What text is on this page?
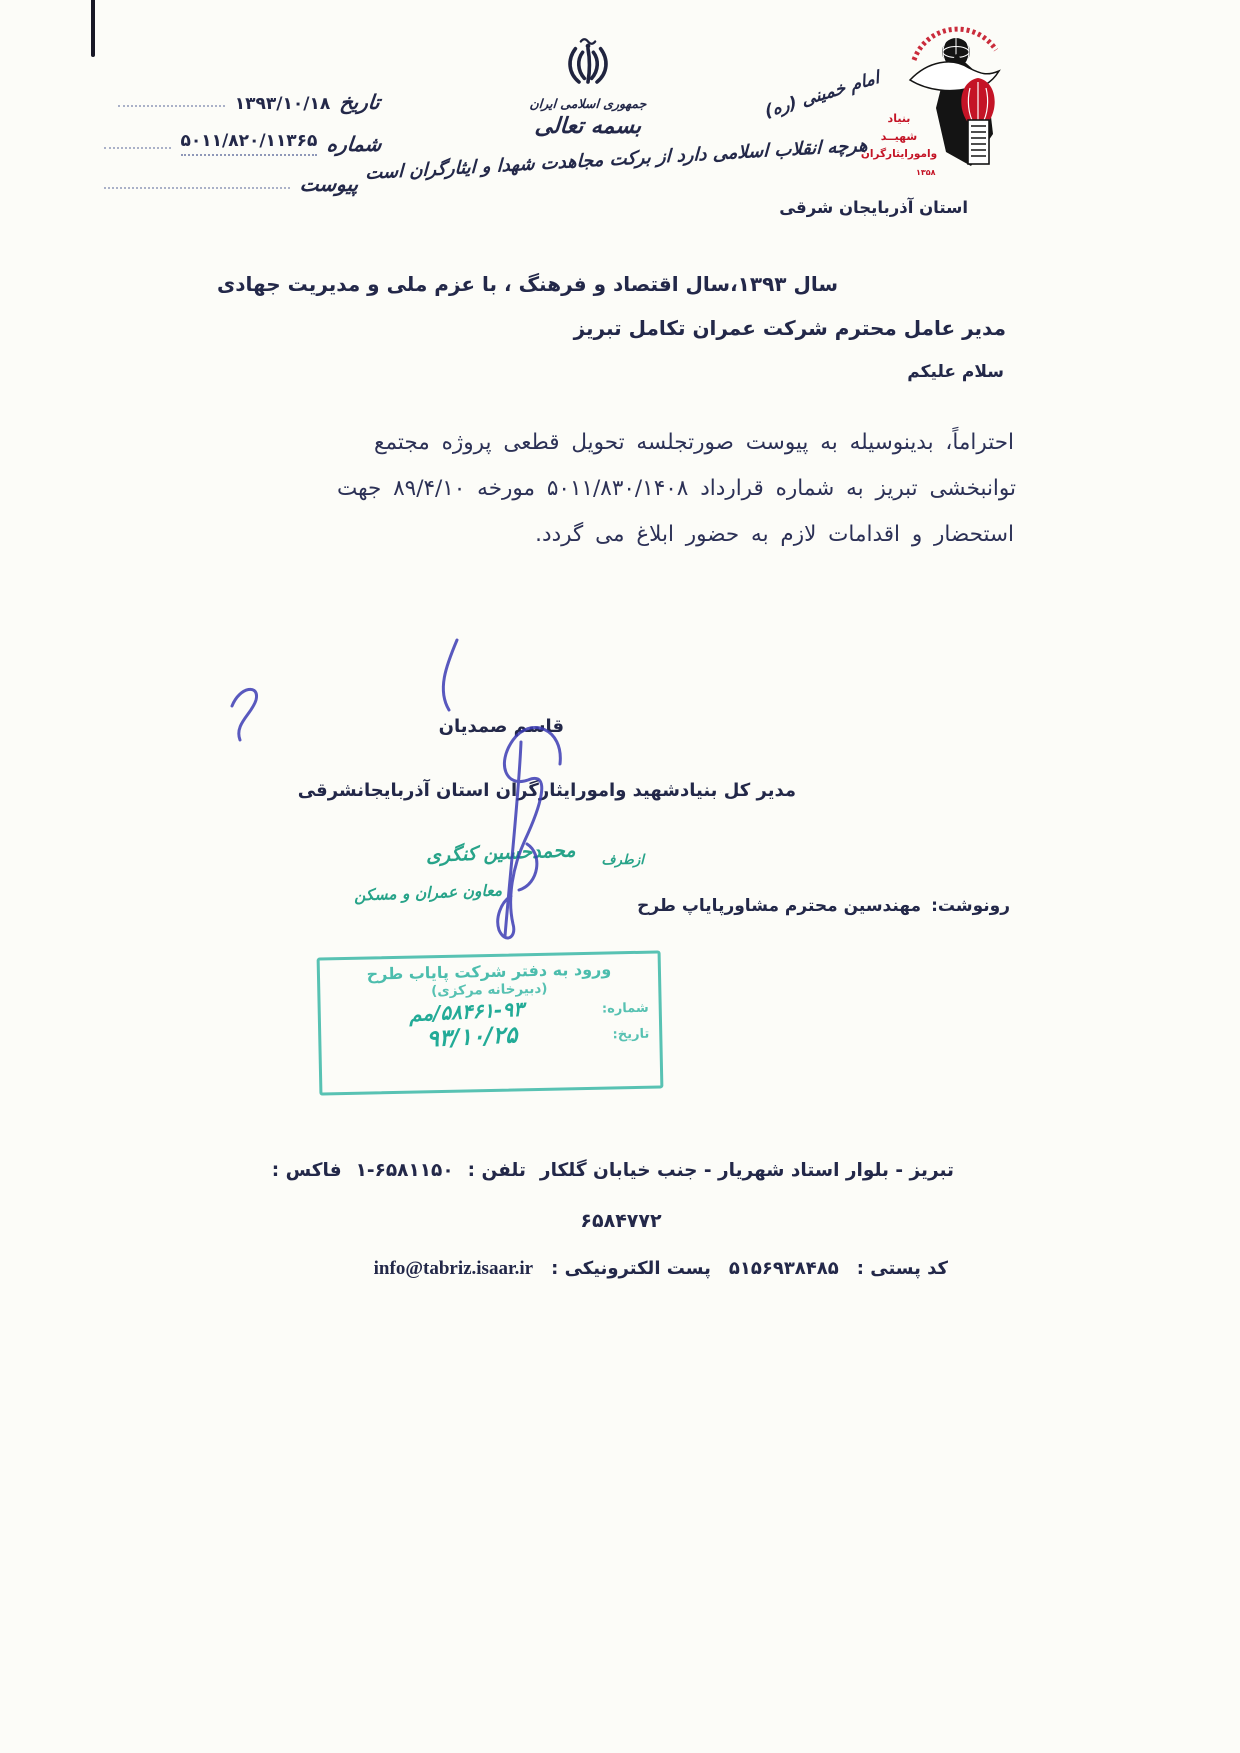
تاریخ
۱۳۹۳/۱۰/۱۸
شماره
۵۰۱۱/۸۲۰/۱۱۳۶۵
پیوست
جمهوری اسلامی ایران
بسمه تعالی
هرچه انقلاب اسلامی دارد از برکت مجاهدت شهدا و ایثارگران است
امام خمینی (ره) بنیاد
شهیــد
وامورایثارگران
۱۳۵۸
استان آذربایجان شرقی
سال ۱۳۹۳،سال اقتصاد و فرهنگ ، با عزم ملی و مدیریت جهادی
مدیر عامل محترم شرکت عمران تکامل تبریز
سلام علیکم
احتراماً، بدینوسیله به پیوست صورتجلسه تحویل قطعی پروژه مجتمع
توانبخشی تبریز به شماره قرارداد ۵۰۱۱/۸۳۰/۱۴۰۸ مورخه ۸۹/۴/۱۰ جهت
استحضار و اقدامات لازم به حضور ابلاغ می گردد.
قاسم صمدیان
مدیر کل بنیادشهید وامورایثارگران استان آذربایجانشرقی
ازطرف
محمدحسین کنگری
معاون عمران و مسکن
رونوشت:مهندسین محترم مشاورپایاپ طرح
ورود به دفتر شرکت پایاب طرح
(دبیرخانه مرکزی)
شماره:
۵۸۴۶۱-۹۳/مم
تاریخ:
۹۳/۱۰/۲۵
تبریز - بلوار استاد شهریار - جنب خیابان گلکار
تلفن :
۱-۶۵۸۱۱۵۰
فاکس :
۶۵۸۴۷۷۲
کد پستی :
۵۱۵۶۹۳۸۴۸۵
پست الکترونیکی :
info@tabriz.isaar.ir
